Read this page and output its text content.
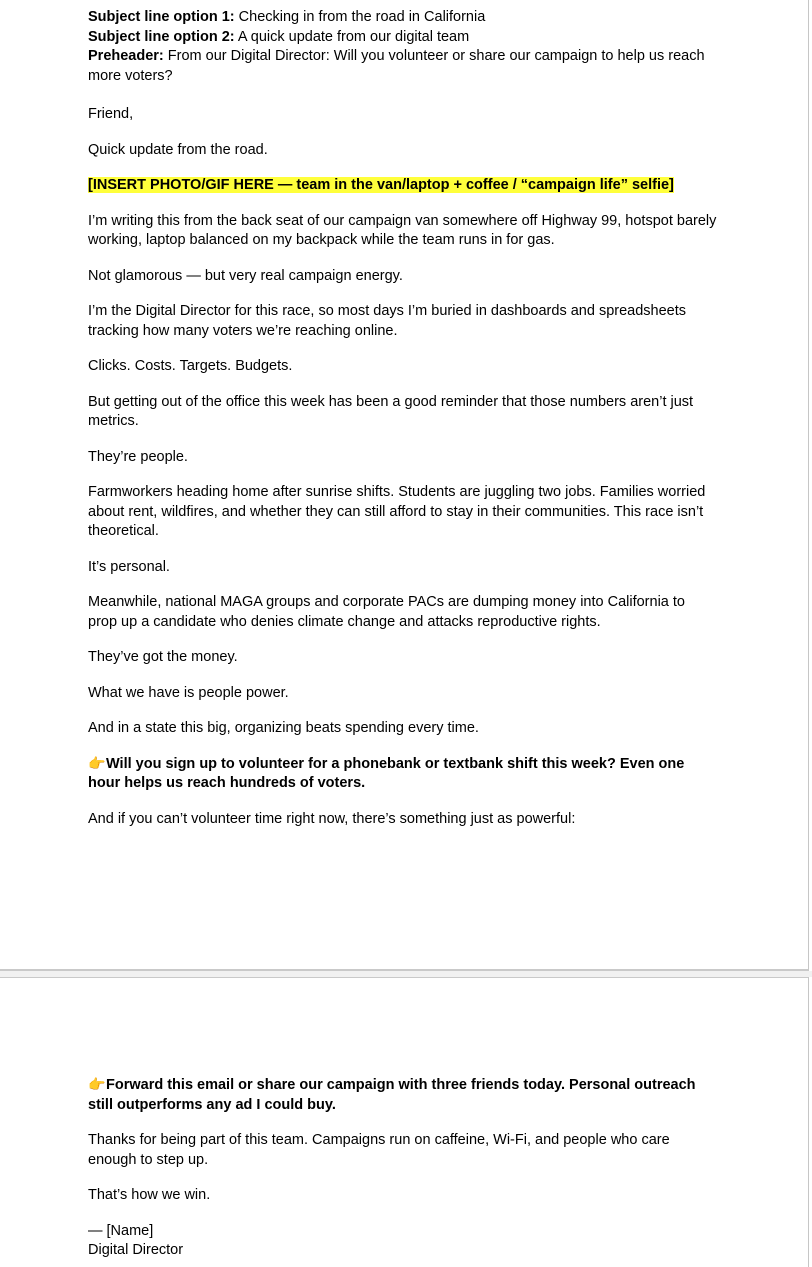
Subject line option 1: Checking in from the road in California

Subject line option 2: A quick update from our digital team

Preheader: From our Digital Director: Will you volunteer or share our campaign to help us reach more voters?

Friend,

Quick update from the road.

[INSERT PHOTO/GIF HERE — team in the van/laptop + coffee / “campaign life” selfie]

I’m writing this from the back seat of our campaign van somewhere off Highway 99, hotspot barely working, laptop balanced on my backpack while the team runs in for gas.

Not glamorous — but very real campaign energy.

I’m the Digital Director for this race, so most days I’m buried in dashboards and spreadsheets tracking how many voters we’re reaching online.

Clicks. Costs. Targets. Budgets.

But getting out of the office this week has been a good reminder that those numbers aren’t just metrics.

They’re people.

Farmworkers heading home after sunrise shifts. Students are juggling two jobs. Families worried about rent, wildfires, and whether they can still afford to stay in their communities. This race isn’t theoretical.

It’s personal.

Meanwhile, national MAGA groups and corporate PACs are dumping money into California to prop up a candidate who denies climate change and attacks reproductive rights.

They’ve got the money.

What we have is people power.

And in a state this big, organizing beats spending every time.

👉Will you sign up to volunteer for a phonebank or textbank shift this week? Even one hour helps us reach hundreds of voters.

And if you can’t volunteer time right now, there’s something just as powerful:

👉Forward this email or share our campaign with three friends today. Personal outreach still outperforms any ad I could buy.

Thanks for being part of this team. Campaigns run on caffeine, Wi-Fi, and people who care enough to step up.

That’s how we win.

— [Name]

Digital Director
